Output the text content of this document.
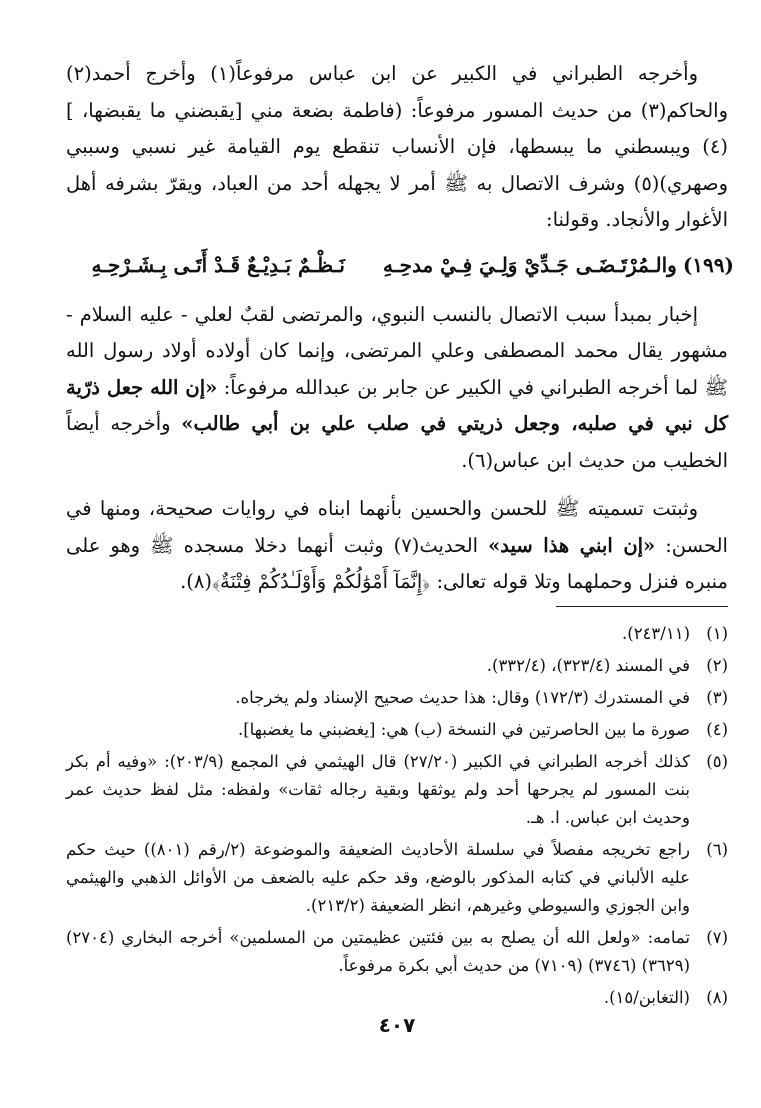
وأخرجه الطبراني في الكبير عن ابن عباس مرفوعاً(١) وأخرج أحمد(٢) والحاكم(٣) من حديث المسور مرفوعاً: (فاطمة بضعة مني [يقبضني ما يقبضها، ](٤) ويبسطني ما يبسطها، فإن الأنساب تنقطع يوم القيامة غير نسبي وسببي وصهري)(٥) وشرف الاتصال به ﷺ أمر لا يجهله أحد من العباد، ويقرّ بشرفه أهل الأغوار والأنجاد. وقولنا:

(١٩٩)
والـمُرْتَـضَـى جَـدِّيْ وَلِـيَ فِـيْ مدحِـهِ
نَـظْـمٌ بَـدِيْـعٌ قَـدْ أَتَـى بِـشَـرْحِـهِ

إخبار بمبدأ سبب الاتصال بالنسب النبوي، والمرتضى لقبٌ لعلي - عليه السلام - مشهور يقال محمد المصطفى وعلي المرتضى، وإنما كان أولاده أولاد رسول الله ﷺ لما أخرجه الطبراني في الكبير عن جابر بن عبدالله مرفوعاً: «إن الله جعل ذرّية كل نبي في صلبه، وجعل ذريتي في صلب علي بن أبي طالب» وأخرجه أيضاً الخطيب من حديث ابن عباس(٦).

وثبتت تسميته ﷺ للحسن والحسين بأنهما ابناه في روايات صحيحة، ومنها في الحسن: «إن ابني هذا سيد» الحديث(٧) وثبت أنهما دخلا مسجده ﷺ وهو على منبره فنزل وحملهما وتلا قوله تعالى: ﴿إِنَّمَآ أَمْوَٰلُكُمْ وَأَوْلَـٰدُكُمْ فِتْنَةٌ﴾(٨).

(١)
(٢٤٣/١١).
(٢)
في المسند (٣٢٣/٤)، (٣٣٢/٤).
(٣)
في المستدرك (١٧٢/٣) وقال: هذا حديث صحيح الإسناد ولم يخرجاه.
(٤)
صورة ما بين الحاصرتين في النسخة (ب) هي: [يغضبني ما يغضبها].
(٥)
كذلك أخرجه الطبراني في الكبير (٢٧/٢٠) قال الهيثمي في المجمع (٢٠٣/٩): «وفيه أم بكر بنت المسور لم يجرحها أحد ولم يوثقها وبقية رجاله ثقات» ولفظه: مثل لفظ حديث عمر وحديث ابن عباس. ا. هـ.
(٦)
راجع تخريجه مفصلاً في سلسلة الأحاديث الضعيفة والموضوعة (٢/رقم (٨٠١)) حيث حكم عليه الألباني في كتابه المذكور بالوضع، وقد حكم عليه بالضعف من الأوائل الذهبي والهيثمي وابن الجوزي والسيوطي وغيرهم، انظر الضعيفة (٢١٣/٢).
(٧)
تمامه: «ولعل الله أن يصلح به بين فئتين عظيمتين من المسلمين» أخرجه البخاري (٢٧٠٤) (٣٦٢٩) (٣٧٤٦) (٧١٠٩) من حديث أبي بكرة مرفوعاً.
(٨)
(التغابن/١٥).
٤٠٧
